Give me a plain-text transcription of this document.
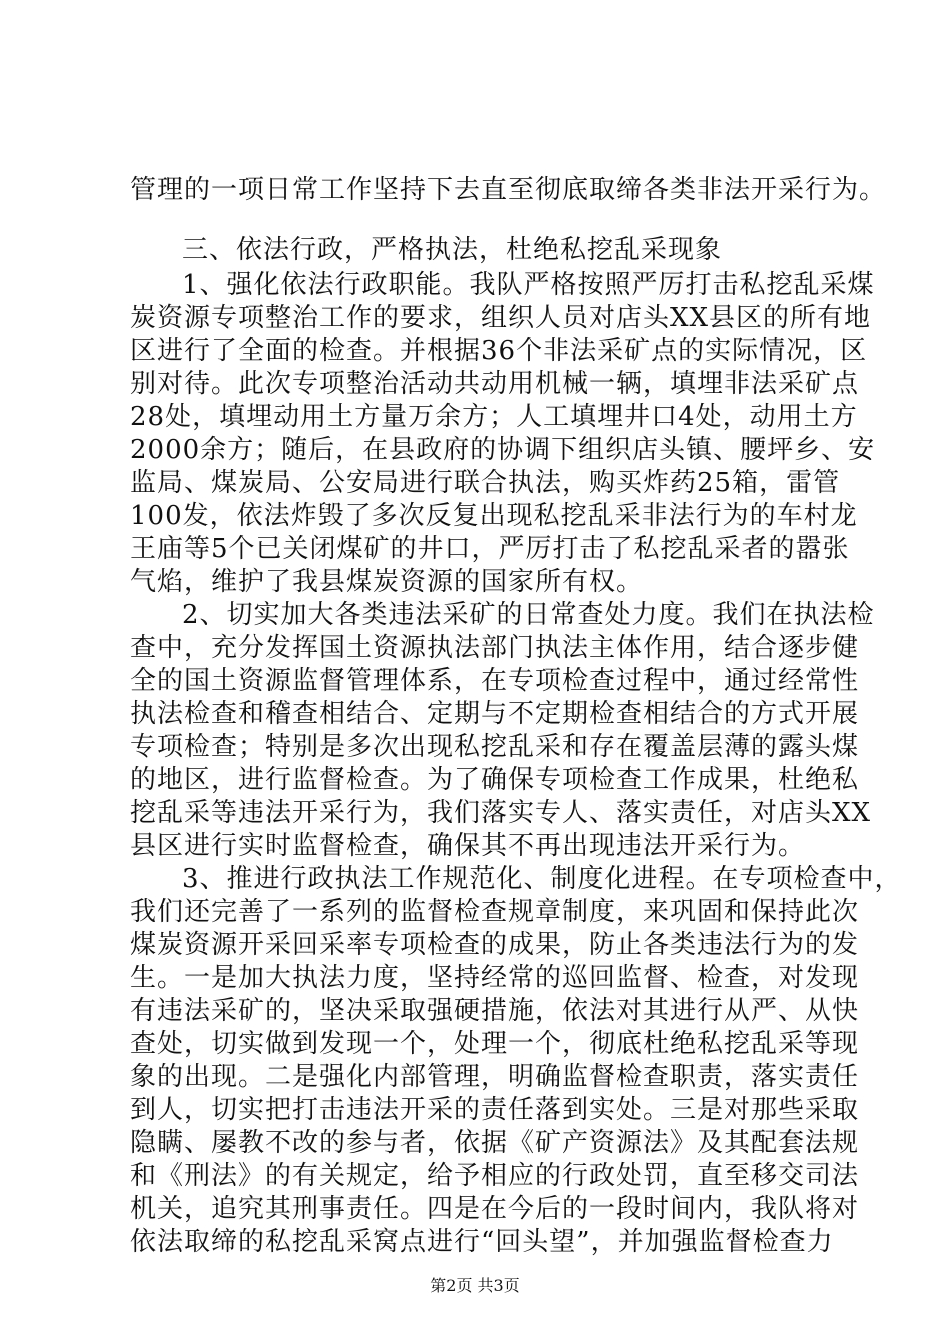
管理的一项日常工作坚持下去直至彻底取缔各类非法开采行为。
三、依法行政，严格执法，杜绝私挖乱采现象
1、强化依法行政职能。我队严格按照严厉打击私挖乱采煤
炭资源专项整治工作的要求，组织人员对店头XX县区的所有地
区进行了全面的检查。并根据36个非法采矿点的实际情况，区
别对待。此次专项整治活动共动用机械一辆，填埋非法采矿点
28处，填埋动用土方量万余方；人工填埋井口4处，动用土方
2000余方；随后，在县政府的协调下组织店头镇、腰坪乡、安
监局、煤炭局、公安局进行联合执法，购买炸药25箱，雷管
100发，依法炸毁了多次反复出现私挖乱采非法行为的车村龙
王庙等5个已关闭煤矿的井口，严厉打击了私挖乱采者的嚣张
气焰，维护了我县煤炭资源的国家所有权。
2、切实加大各类违法采矿的日常查处力度。我们在执法检
查中，充分发挥国土资源执法部门执法主体作用，结合逐步健
全的国土资源监督管理体系，在专项检查过程中，通过经常性
执法检查和稽查相结合、定期与不定期检查相结合的方式开展
专项检查；特别是多次出现私挖乱采和存在覆盖层薄的露头煤
的地区，进行监督检查。为了确保专项检查工作成果，杜绝私
挖乱采等违法开采行为，我们落实专人、落实责任，对店头XX
县区进行实时监督检查，确保其不再出现违法开采行为。
3、推进行政执法工作规范化、制度化进程。在专项检查中，
我们还完善了一系列的监督检查规章制度，来巩固和保持此次
煤炭资源开采回采率专项检查的成果，防止各类违法行为的发
生。一是加大执法力度，坚持经常的巡回监督、检查，对发现
有违法采矿的，坚决采取强硬措施，依法对其进行从严、从快
查处，切实做到发现一个，处理一个，彻底杜绝私挖乱采等现
象的出现。二是强化内部管理，明确监督检查职责，落实责任
到人，切实把打击违法开采的责任落到实处。三是对那些采取
隐瞒、屡教不改的参与者，依据《矿产资源法》及其配套法规
和《刑法》的有关规定，给予相应的行政处罚，直至移交司法
机关，追究其刑事责任。四是在今后的一段时间内，我队将对
依法取缔的私挖乱采窝点进行“回头望”，并加强监督检查力
第2页 共3页
